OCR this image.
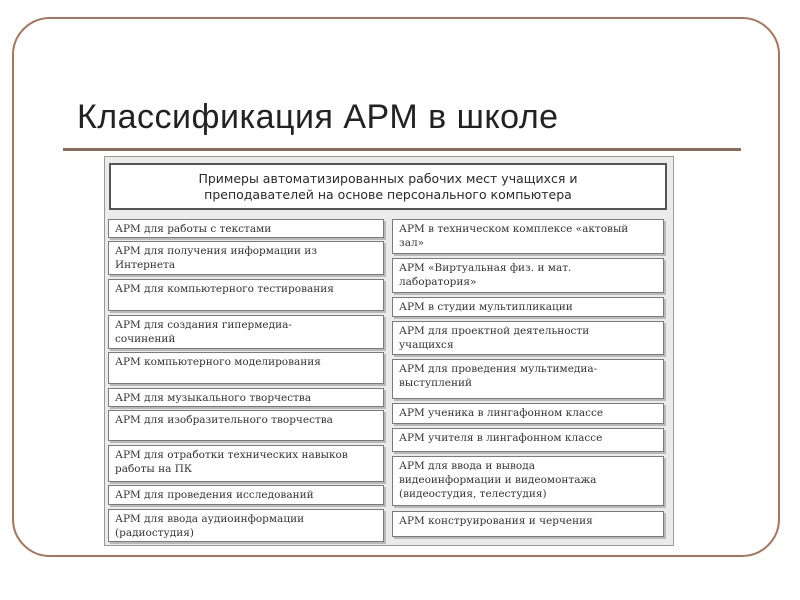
Классификация АРМ в школе
Примеры автоматизированных рабочих мест учащихся и
преподавателей на основе персонального компьютера
АРМ для работы с текстами
АРМ для получения информации из
Интернета
АРМ для компьютерного тестирования
АРМ для создания гипермедиа-
сочинений
АРМ компьютерного моделирования
АРМ для музыкального творчества
АРМ для изобразительного творчества
АРМ для отработки технических навыков
работы на ПК
АРМ для проведения исследований
АРМ для ввода аудиоинформации
(радиостудия)
АРМ в техническом комплексе «актовый
зал»
АРМ «Виртуальная физ. и мат.
лаборатория»
АРМ в студии мультипликации
АРМ для проектной деятельности
учащихся
АРМ для проведения мультимедиа-
выступлений
АРМ ученика в лингафонном классе
АРМ учителя в лингафонном классе
АРМ для ввода и вывода
видеоинформации и видеомонтажа
(видеостудия, телестудия)
АРМ конструирования и черчения
